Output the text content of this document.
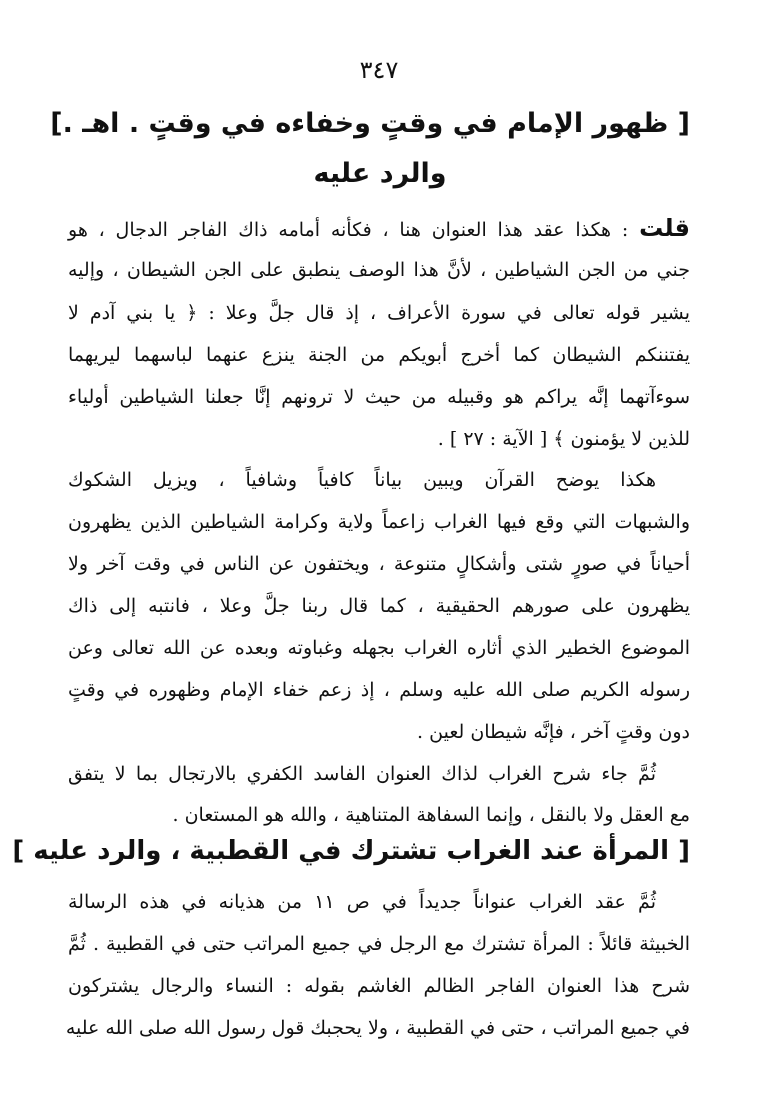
٣٤٧
[ ظهور الإمام في وقتٍ وخفاءه في وقتٍ . اهـ .]
والرد عليه
قلت : هكذا عقد هذا العنوان هنا ، فكأنه أمامه ذاك الفاجر الدجال ، هو
جني من الجن الشياطين ، لأنَّ هذا الوصف ينطبق على الجن الشيطان ، وإليه
يشير قوله تعالى في سورة الأعراف ، إذ قال جلَّ وعلا : ﴿ يا بني آدم لا
يفتننكم الشيطان كما أخرج أبويكم من الجنة ينزع عنهما لباسهما ليريهما
سوءآتهما إنَّه يراكم هو وقبيله من حيث لا ترونهم إنَّا جعلنا الشياطين أولياء
للذين لا يؤمنون ﴾ [ الآية : ٢٧ ] .
هكذا يوضح القرآن ويبين بياناً كافياً وشافياً ، ويزيل الشكوك
والشبهات التي وقع فيها الغراب زاعماً ولاية وكرامة الشياطين الذين يظهرون
أحياناً في صورٍ شتى وأشكالٍ متنوعة ، ويختفون عن الناس في وقت آخر ولا
يظهرون على صورهم الحقيقية ، كما قال ربنا جلَّ وعلا ، فانتبه إلى ذاك
الموضوع الخطير الذي أثاره الغراب بجهله وغباوته وبعده عن الله تعالى وعن
رسوله الكريم صلى الله عليه وسلم ، إذ زعم خفاء الإمام وظهوره في وقتٍ
دون وقتٍ آخر ، فإنَّه شيطان لعين .
ثُمَّ جاء شرح الغراب لذاك العنوان الفاسد الكفري بالارتجال بما لا يتفق
مع العقل ولا بالنقل ، وإنما السفاهة المتناهية ، والله هو المستعان .
[ المرأة عند الغراب تشترك في القطبية ، والرد عليه ]
ثُمَّ عقد الغراب عنواناً جديداً في ص ١١ من هذيانه في هذه الرسالة
الخبيثة قائلاً : المرأة تشترك مع الرجل في جميع المراتب حتى في القطبية . ثُمَّ
شرح هذا العنوان الفاجر الظالم الغاشم بقوله : النساء والرجال يشتركون
في جميع المراتب ، حتى في القطبية ، ولا يحجبك قول رسول الله صلى الله عليه
